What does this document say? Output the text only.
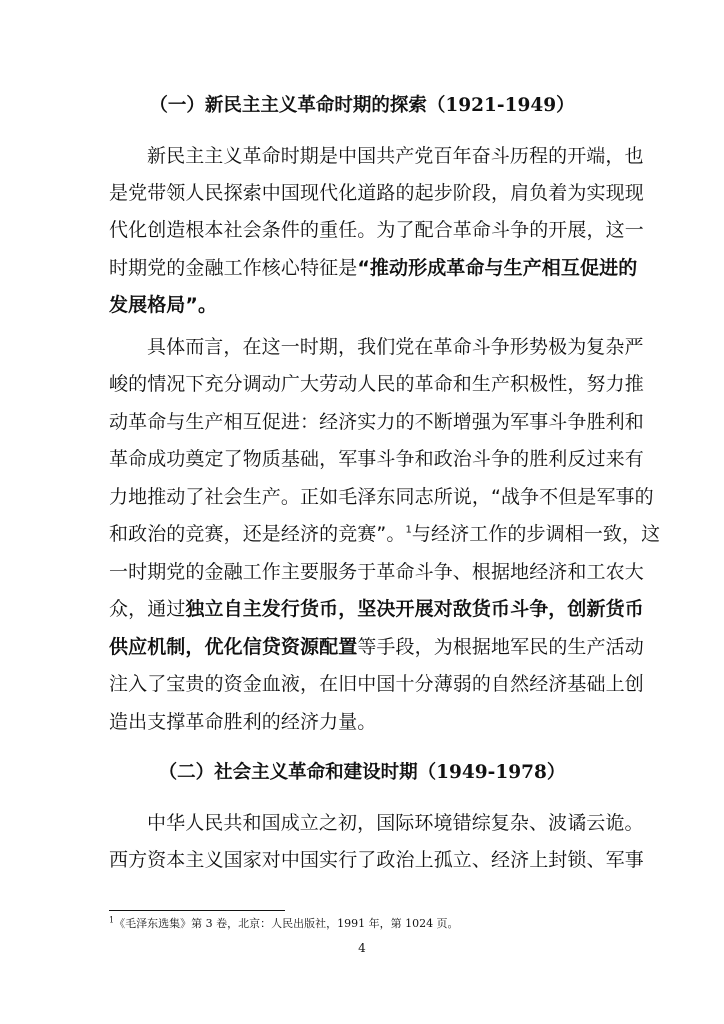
（一）新民主主义革命时期的探索（1921-1949）
新民主主义革命时期是中国共产党百年奋斗历程的开端，也
是党带领人民探索中国现代化道路的起步阶段，肩负着为实现现
代化创造根本社会条件的重任。为了配合革命斗争的开展，这一
时期党的金融工作核心特征是“推动形成革命与生产相互促进的
发展格局”。
具体而言，在这一时期，我们党在革命斗争形势极为复杂严
峻的情况下充分调动广大劳动人民的革命和生产积极性，努力推
动革命与生产相互促进：经济实力的不断增强为军事斗争胜利和
革命成功奠定了物质基础，军事斗争和政治斗争的胜利反过来有
力地推动了社会生产。正如毛泽东同志所说，“战争不但是军事的
和政治的竞赛，还是经济的竞赛”。$^1$与经济工作的步调相一致，这
一时期党的金融工作主要服务于革命斗争、根据地经济和工农大
众，通过独立自主发行货币，坚决开展对敌货币斗争，创新货币
供应机制，优化信贷资源配置等手段，为根据地军民的生产活动
注入了宝贵的资金血液，在旧中国十分薄弱的自然经济基础上创
造出支撑革命胜利的经济力量。
（二）社会主义革命和建设时期（1949-1978）
中华人民共和国成立之初，国际环境错综复杂、波谲云诡。
西方资本主义国家对中国实行了政治上孤立、经济上封锁、军事
$^1$《毛泽东选集》第 3 卷，北京：人民出版社，1991 年，第 1024 页。
4
